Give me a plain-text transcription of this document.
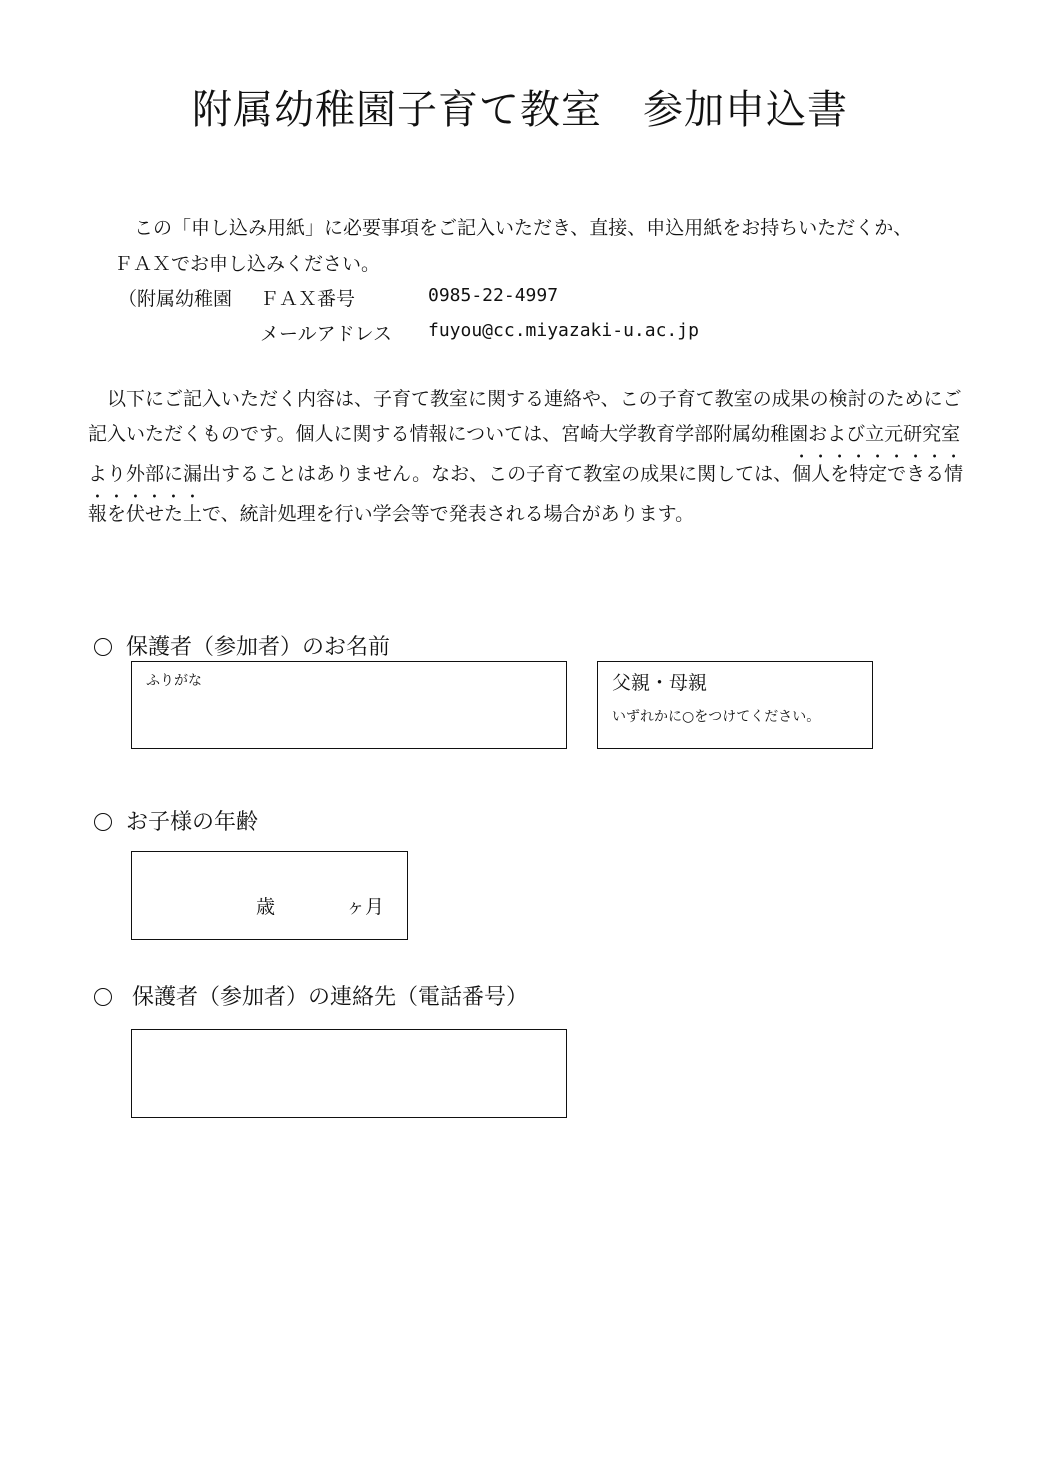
附属幼稚園子育て教室　参加申込書
この「申し込み用紙」に必要事項をご記入いただき、直接、申込用紙をお持ちいただくか、
ＦＡＸでお申し込みください。
（附属幼稚園 ＦＡＸ番号	0985-22-4997
メールアドレス fuyou@cc.miyazaki-u.ac.jp

　以下にご記入いただく内容は、子育て教室に関する連絡や、この子育て教室の成果の検討のためにご記入いただくものです。個人に関する情報については、宮崎大学教育学部附属幼稚園および立元研究室より外部に漏出することはありません。なお、この子育て教室の成果に関しては、個人を特定できる情報を伏せた上で、統計処理を行い学会等で発表される場合があります。

保護者（参加者）のお名前
ふりがな	父親・母親
いずれかに○をつけてください。
お子様の年齢
歳	ヶ月
保護者（参加者）の連絡先（電話番号）
